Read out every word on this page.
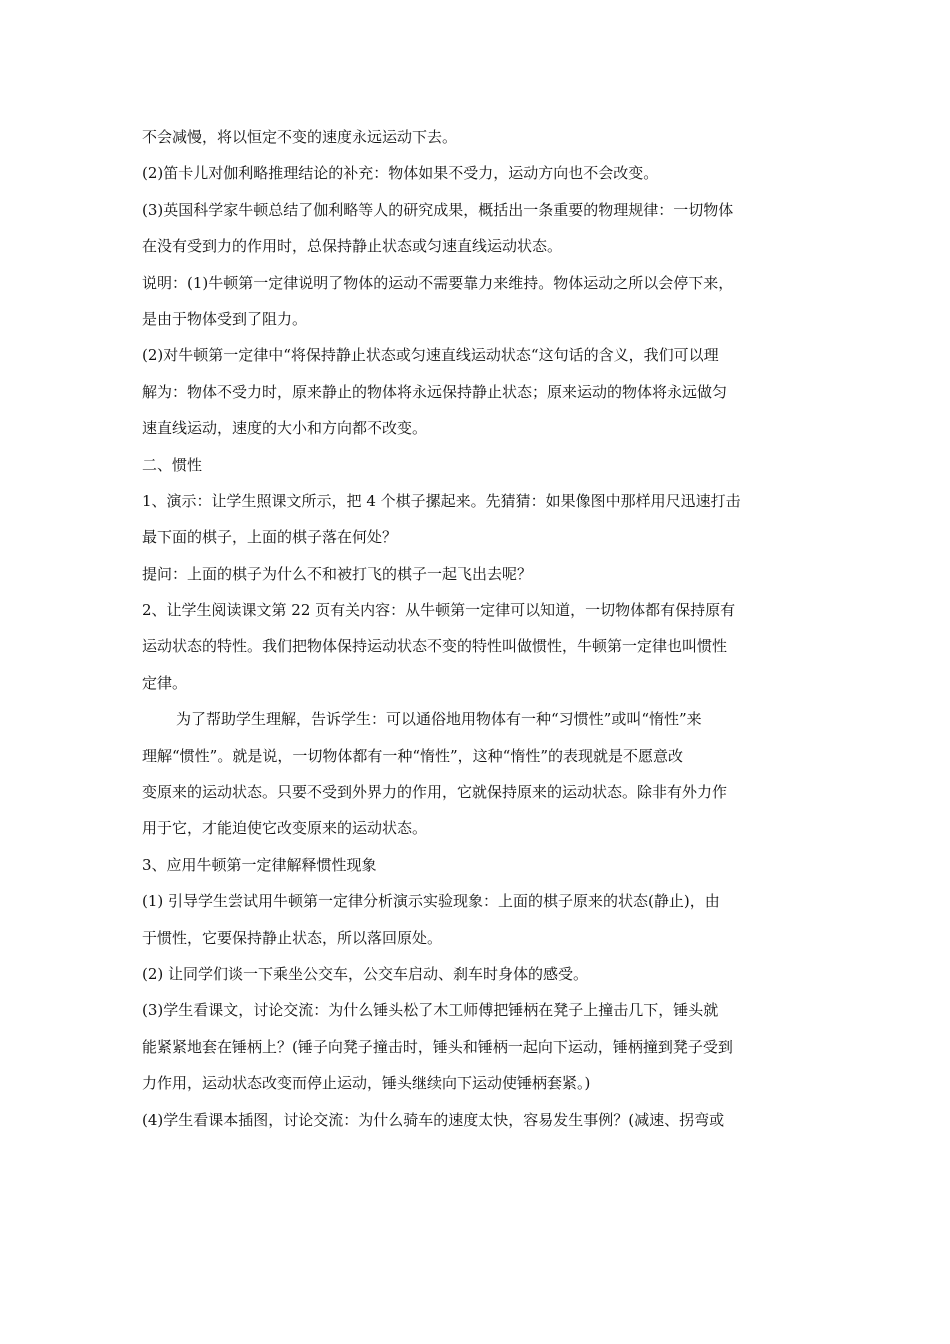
不会减慢，将以恒定不变的速度永远运动下去。
(2)笛卡儿对伽利略推理结论的补充：物体如果不受力，运动方向也不会改变。
(3)英国科学家牛顿总结了伽利略等人的研究成果，概括出一条重要的物理规律：一切物体
在没有受到力的作用时，总保持静止状态或匀速直线运动状态。
说明：(1)牛顿第一定律说明了物体的运动不需要靠力来维持。物体运动之所以会停下来，
是由于物体受到了阻力。
(2)对牛顿第一定律中“将保持静止状态或匀速直线运动状态“这句话的含义，我们可以理
解为：物体不受力时，原来静止的物体将永远保持静止状态；原来运动的物体将永远做匀
速直线运动，速度的大小和方向都不改变。
二、惯性
1、演示：让学生照课文所示，把 4 个棋子摞起来。先猜猜：如果像图中那样用尺迅速打击
最下面的棋子，上面的棋子落在何处？
提问：上面的棋子为什么不和被打飞的棋子一起飞出去呢？
2、让学生阅读课文第 22 页有关内容：从牛顿第一定律可以知道，一切物体都有保持原有
运动状态的特性。我们把物体保持运动状态不变的特性叫做惯性，牛顿第一定律也叫惯性
定律。
为了帮助学生理解，告诉学生：可以通俗地用物体有一种“习惯性”或叫“惰性”来
理解“惯性”。就是说，一切物体都有一种“惰性”，这种“惰性”的表现就是不愿意改
变原来的运动状态。只要不受到外界力的作用，它就保持原来的运动状态。除非有外力作
用于它，才能迫使它改变原来的运动状态。
3、应用牛顿第一定律解释惯性现象
(1) 引导学生尝试用牛顿第一定律分析演示实验现象：上面的棋子原来的状态(静止)，由
于惯性，它要保持静止状态，所以落回原处。
(2) 让同学们谈一下乘坐公交车，公交车启动、刹车时身体的感受。
(3)学生看课文，讨论交流：为什么锤头松了木工师傅把锤柄在凳子上撞击几下，锤头就
能紧紧地套在锤柄上？(锤子向凳子撞击时，锤头和锤柄一起向下运动，锤柄撞到凳子受到
力作用，运动状态改变而停止运动，锤头继续向下运动使锤柄套紧。)
(4)学生看课本插图，讨论交流：为什么骑车的速度太快，容易发生事例？(减速、拐弯或
